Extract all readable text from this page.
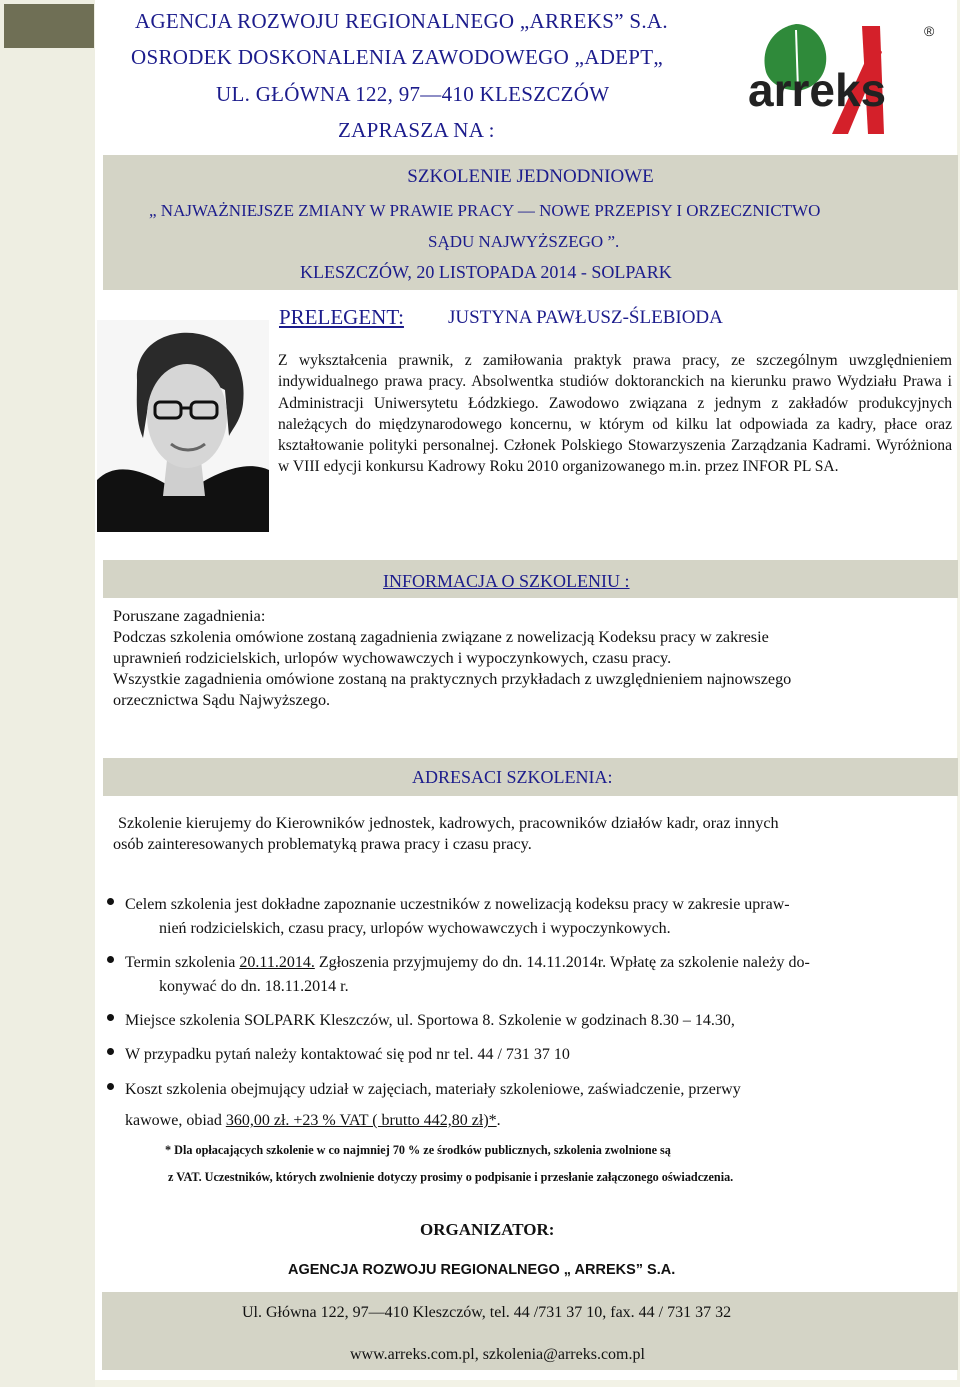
AGENCJA ROZWOJU REGIONALNEGO „ARREKS” S.A.
OSRODEK DOSKONALENIA ZAWODOWEGO „ADEPT„
UL. GŁÓWNA 122, 97—410 KLESZCZÓW
ZAPRASZA NA :
arreks
®
SZKOLENIE JEDNODNIOWE
„ NAJWAŻNIEJSZE ZMIANY W PRAWIE PRACY — NOWE PRZEPISY I ORZECZNICTWO
SĄDU NAJWYŻSZEGO ”.
KLESZCZÓW, 20 LISTOPADA 2014 - SOLPARK
PRELEGENT: JUSTYNA PAWŁUSZ-ŚLEBIODA
Z wykształcenia prawnik, z zamiłowania praktyk prawa pracy, ze szczególnym uwzględnieniem indywidualnego prawa pracy. Absolwentka studiów doktoranckich na kierunku prawo Wydziału Prawa i Administracji Uniwersytetu Łódzkiego. Zawodowo związana z jednym z zakładów produkcyjnych należących do międzynarodowego koncernu, w którym od kilku lat odpowiada za kadry, płace oraz kształtowanie polityki personalnej. Członek Polskiego Stowarzyszenia Zarządzania Kadrami. Wyróżniona w VIII edycji konkursu Kadrowy Roku 2010 organizowanego m.in. przez INFOR PL SA.
INFORMACJA O SZKOLENIU :
Poruszane zagadnienia:
Podczas szkolenia omówione zostaną zagadnienia związane z nowelizacją Kodeksu pracy w zakresie
uprawnień rodzicielskich, urlopów wychowawczych i wypoczynkowych, czasu pracy.
Wszystkie zagadnienia omówione zostaną na praktycznych przykładach z uwzględnieniem najnowszego
orzecznictwa Sądu Najwyższego.
ADRESACI SZKOLENIA:
Szkolenie kierujemy do Kierowników jednostek, kadrowych, pracowników działów kadr, oraz innych
osób zainteresowanych problematyką prawa pracy i czasu pracy.
Celem szkolenia jest dokładne zapoznanie uczestników z nowelizacją kodeksu pracy w zakresie upraw-
nień rodzicielskich, czasu pracy, urlopów wychowawczych i wypoczynkowych.
Termin szkolenia 20.11.2014. Zgłoszenia przyjmujemy do dn. 14.11.2014r. Wpłatę za szkolenie należy do-
konywać do dn. 18.11.2014 r.
Miejsce szkolenia SOLPARK Kleszczów, ul. Sportowa 8. Szkolenie w godzinach 8.30 – 14.30,
W przypadku pytań należy kontaktować się pod nr tel. 44 / 731 37 10
Koszt szkolenia obejmujący udział w zajęciach, materiały szkoleniowe, zaświadczenie, przerwy
kawowe, obiad 360,00 zł. +23 % VAT ( brutto 442,80 zł)*.
* Dla opłacających szkolenie w co najmniej 70 % ze środków publicznych, szkolenia zwolnione są
z VAT. Uczestników, których zwolnienie dotyczy prosimy o podpisanie i przesłanie załączonego oświadczenia.
ORGANIZATOR:
AGENCJA ROZWOJU REGIONALNEGO „ ARREKS” S.A.
Ul. Główna 122, 97—410 Kleszczów, tel. 44 /731 37 10, fax. 44 / 731 37 32
www.arreks.com.pl, szkolenia@arreks.com.pl
